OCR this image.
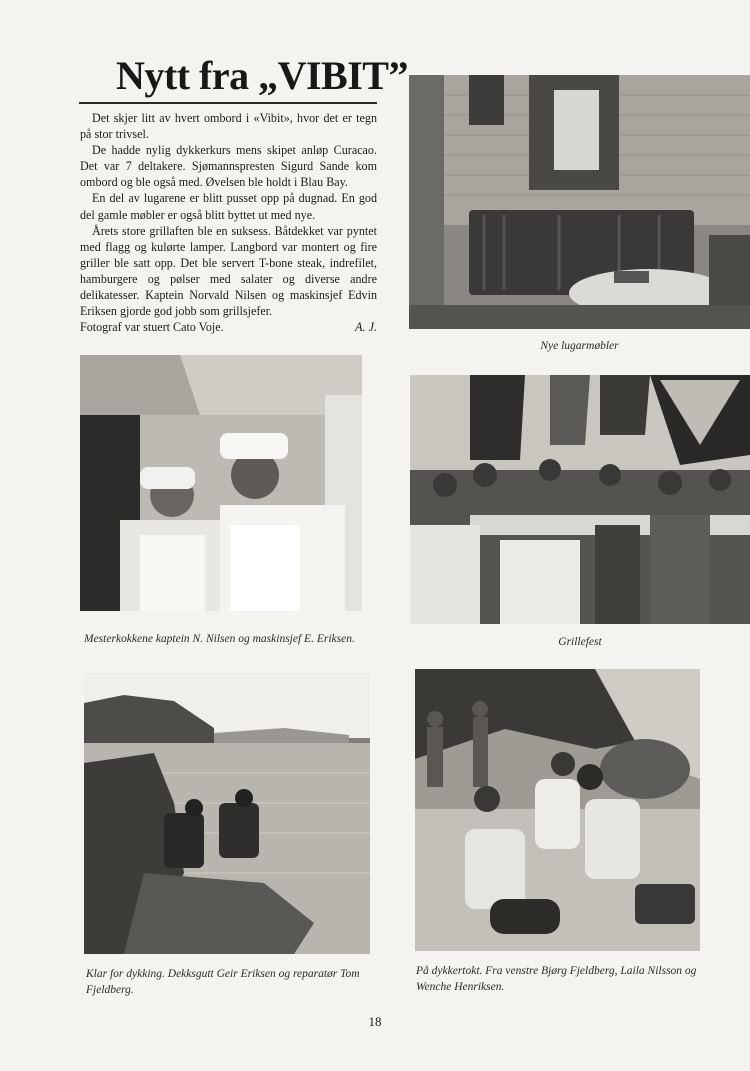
Nytt fra „VIBIT”

Det skjer litt av hvert ombord i «Vibit», hvor det er tegn på stor trivsel.

De hadde nylig dykkerkurs mens skipet anløp Curacao. Det var 7 deltakere. Sjømannspresten Sigurd Sande kom ombord og ble også med. Øvelsen ble holdt i Blau Bay.

En del av lugarene er blitt pusset opp på dugnad. En god del gamle møbler er også blitt byttet ut med nye.

Årets store grillaften ble en suksess. Båtdekket var pyntet med flagg og kulørte lamper. Langbord var montert og fire griller ble satt opp. Det ble servert T-bone steak, indrefilet, hamburgere og pølser med salater og diverse andre delikatesser. Kaptein Norvald Nilsen og maskinsjef Edvin Eriksen gjorde god jobb som grillsjefer.

Fotograf var stuert Cato Voje.	A. J.

Nye lugarmøbler
Mesterkokkene kaptein N. Nilsen og maskinsjef E. Eriksen.	Grillefest
Klar for dykking. Dekksgutt Geir Eriksen og reparatør Tom Fjeldberg.
På dykkertokt. Fra venstre Bjørg Fjeldberg, Laila Nilsson og Wenche Henriksen.
18
